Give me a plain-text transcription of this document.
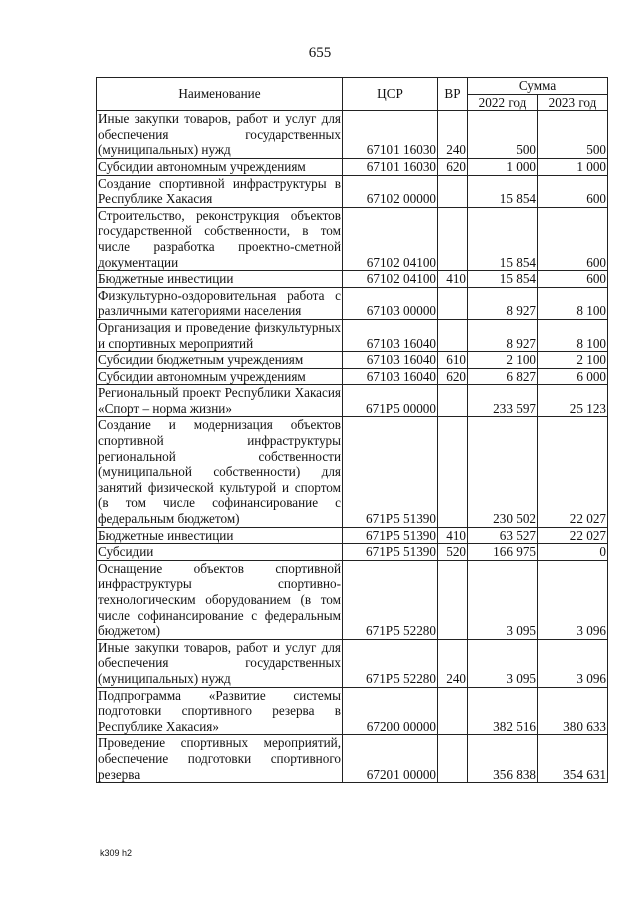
655
Наименование	ЦСР	ВР	Сумма	
			2022 год	2023 год
Иные закупки товаров, работ и услуг для обеспечения государственных (муниципальных) нужд	67101 16030	240	500	500
Субсидии автономным учреждениям	67101 16030	620	1 000	1 000
Создание спортивной инфраструктуры в Республике Хакасия	67102 00000		15 854	600
Строительство, реконструкция объектов государственной собственности, в том числе разработка проектно-сметной документации	67102 04100		15 854	600
Бюджетные инвестиции	67102 04100	410	15 854	600
Физкультурно-оздоровительная работа с различными категориями населения	67103 00000		8 927	8 100
Организация и проведение физкультурных и спортивных мероприятий	67103 16040		8 927	8 100
Субсидии бюджетным учреждениям	67103 16040	610	2 100	2 100
Субсидии автономным учреждениям	67103 16040	620	6 827	6 000
Региональный проект Республики Хакасия «Спорт – норма жизни»	671P5 00000		233 597	25 123
Создание и модернизация объектов спортивной инфраструктуры региональной собственности (муниципальной собственности) для занятий физической культурой и спортом (в том числе софинансирование с федеральным бюджетом)	671P5 51390		230 502	22 027
Бюджетные инвестиции	671P5 51390	410	63 527	22 027
Субсидии	671P5 51390	520	166 975	0
Оснащение объектов спортивной инфраструктуры спортивно-технологическим оборудованием (в том числе софинансирование с федеральным бюджетом)	671P5 52280		3 095	3 096
Иные закупки товаров, работ и услуг для обеспечения государственных (муниципальных) нужд	671P5 52280	240	3 095	3 096
Подпрограмма «Развитие системы подготовки спортивного резерва в Республике Хакасия»	67200 00000		382 516	380 633
Проведение спортивных мероприятий, обеспечение подготовки спортивного резерва	67201 00000		356 838	354 631
k309 h2
